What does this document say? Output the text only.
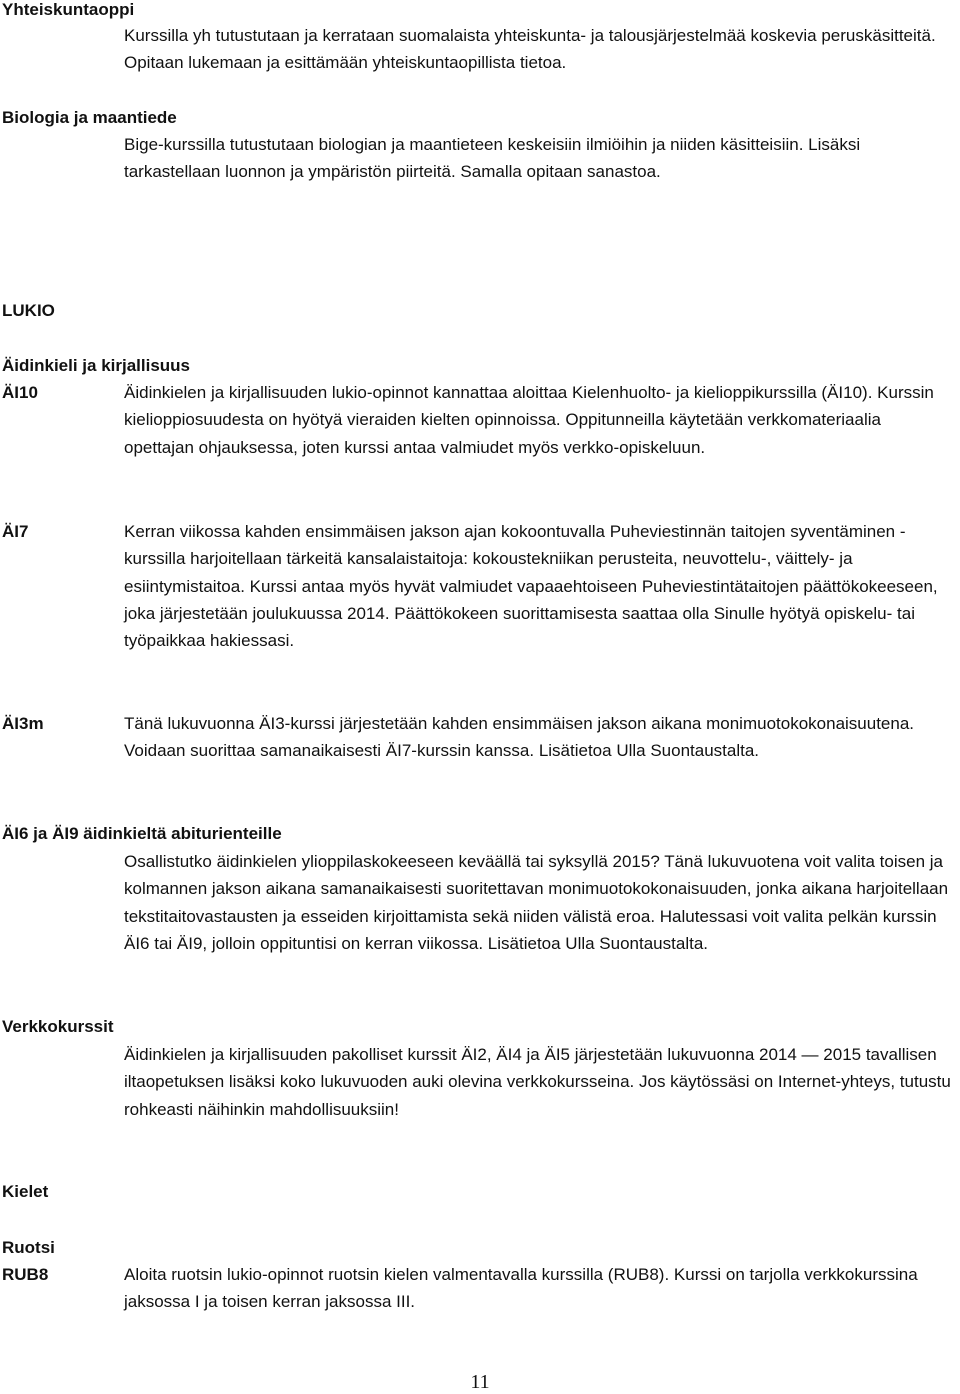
Yhteiskuntaoppi
Kurssilla yh tutustutaan ja kerrataan suomalaista yhteiskunta- ja talousjärjestelmää koskevia peruskäsitteitä. Opitaan lukemaan ja esittämään yhteiskuntaopillista tietoa.
Biologia ja maantiede
Bige-kurssilla tutustutaan biologian ja maantieteen keskeisiin ilmiöihin ja niiden käsitteisiin. Lisäksi tarkastellaan luonnon ja ympäristön piirteitä. Samalla opitaan sanastoa.
LUKIO
Äidinkieli ja kirjallisuus
ÄI10	Äidinkielen ja kirjallisuuden lukio-opinnot kannattaa aloittaa Kielenhuolto- ja kielioppikurssilla (ÄI10). Kurssin kielioppiosuudesta on hyötyä vieraiden kielten opinnoissa. Oppitunneilla käytetään verkkomateriaalia opettajan ohjauksessa, joten kurssi antaa valmiudet myös verkko-opiskeluun.
ÄI7	Kerran viikossa kahden ensimmäisen jakson ajan kokoontuvalla Puheviestinnän taitojen syventäminen -kurssilla harjoitellaan tärkeitä kansalaistaitoja: kokoustekniikan perusteita, neuvottelu-, väittely- ja esiintymistaitoa. Kurssi antaa myös hyvät valmiudet vapaaehtoiseen Puheviestintätaitojen päättökokeeseen, joka järjestetään joulukuussa 2014. Päättökokeen suorittamisesta saattaa olla Sinulle hyötyä opiskelu- tai työpaikkaa hakiessasi.
ÄI3m	Tänä lukuvuonna ÄI3-kurssi järjestetään kahden ensimmäisen jakson aikana monimuotokokonaisuutena. Voidaan suorittaa samanaikaisesti ÄI7-kurssin kanssa. Lisätietoa Ulla Suontaustalta.
ÄI6 ja ÄI9 äidinkieltä abiturienteille
Osallistutko äidinkielen ylioppilaskokeeseen keväällä tai syksyllä 2015? Tänä lukuvuotena voit valita toisen ja kolmannen jakson aikana samanaikaisesti suoritettavan monimuotokokonaisuuden, jonka aikana harjoitellaan tekstitaitovastausten ja esseiden kirjoittamista sekä niiden välistä eroa. Halutessasi voit valita pelkän kurssin ÄI6 tai ÄI9, jolloin oppituntisi on kerran viikossa. Lisätietoa Ulla Suontaustalta.
Verkkokurssit
Äidinkielen ja kirjallisuuden pakolliset kurssit ÄI2, ÄI4 ja ÄI5 järjestetään lukuvuonna 2014 — 2015 tavallisen iltaopetuksen lisäksi koko lukuvuoden auki olevina verkkokursseina. Jos käytössäsi on Internet-yhteys, tutustu rohkeasti näihinkin mahdollisuuksiin!
Kielet
Ruotsi
RUB8	Aloita ruotsin lukio-opinnot ruotsin kielen valmentavalla kurssilla (RUB8). Kurssi on tarjolla verkkokurssina jaksossa I ja toisen kerran jaksossa III.
11
